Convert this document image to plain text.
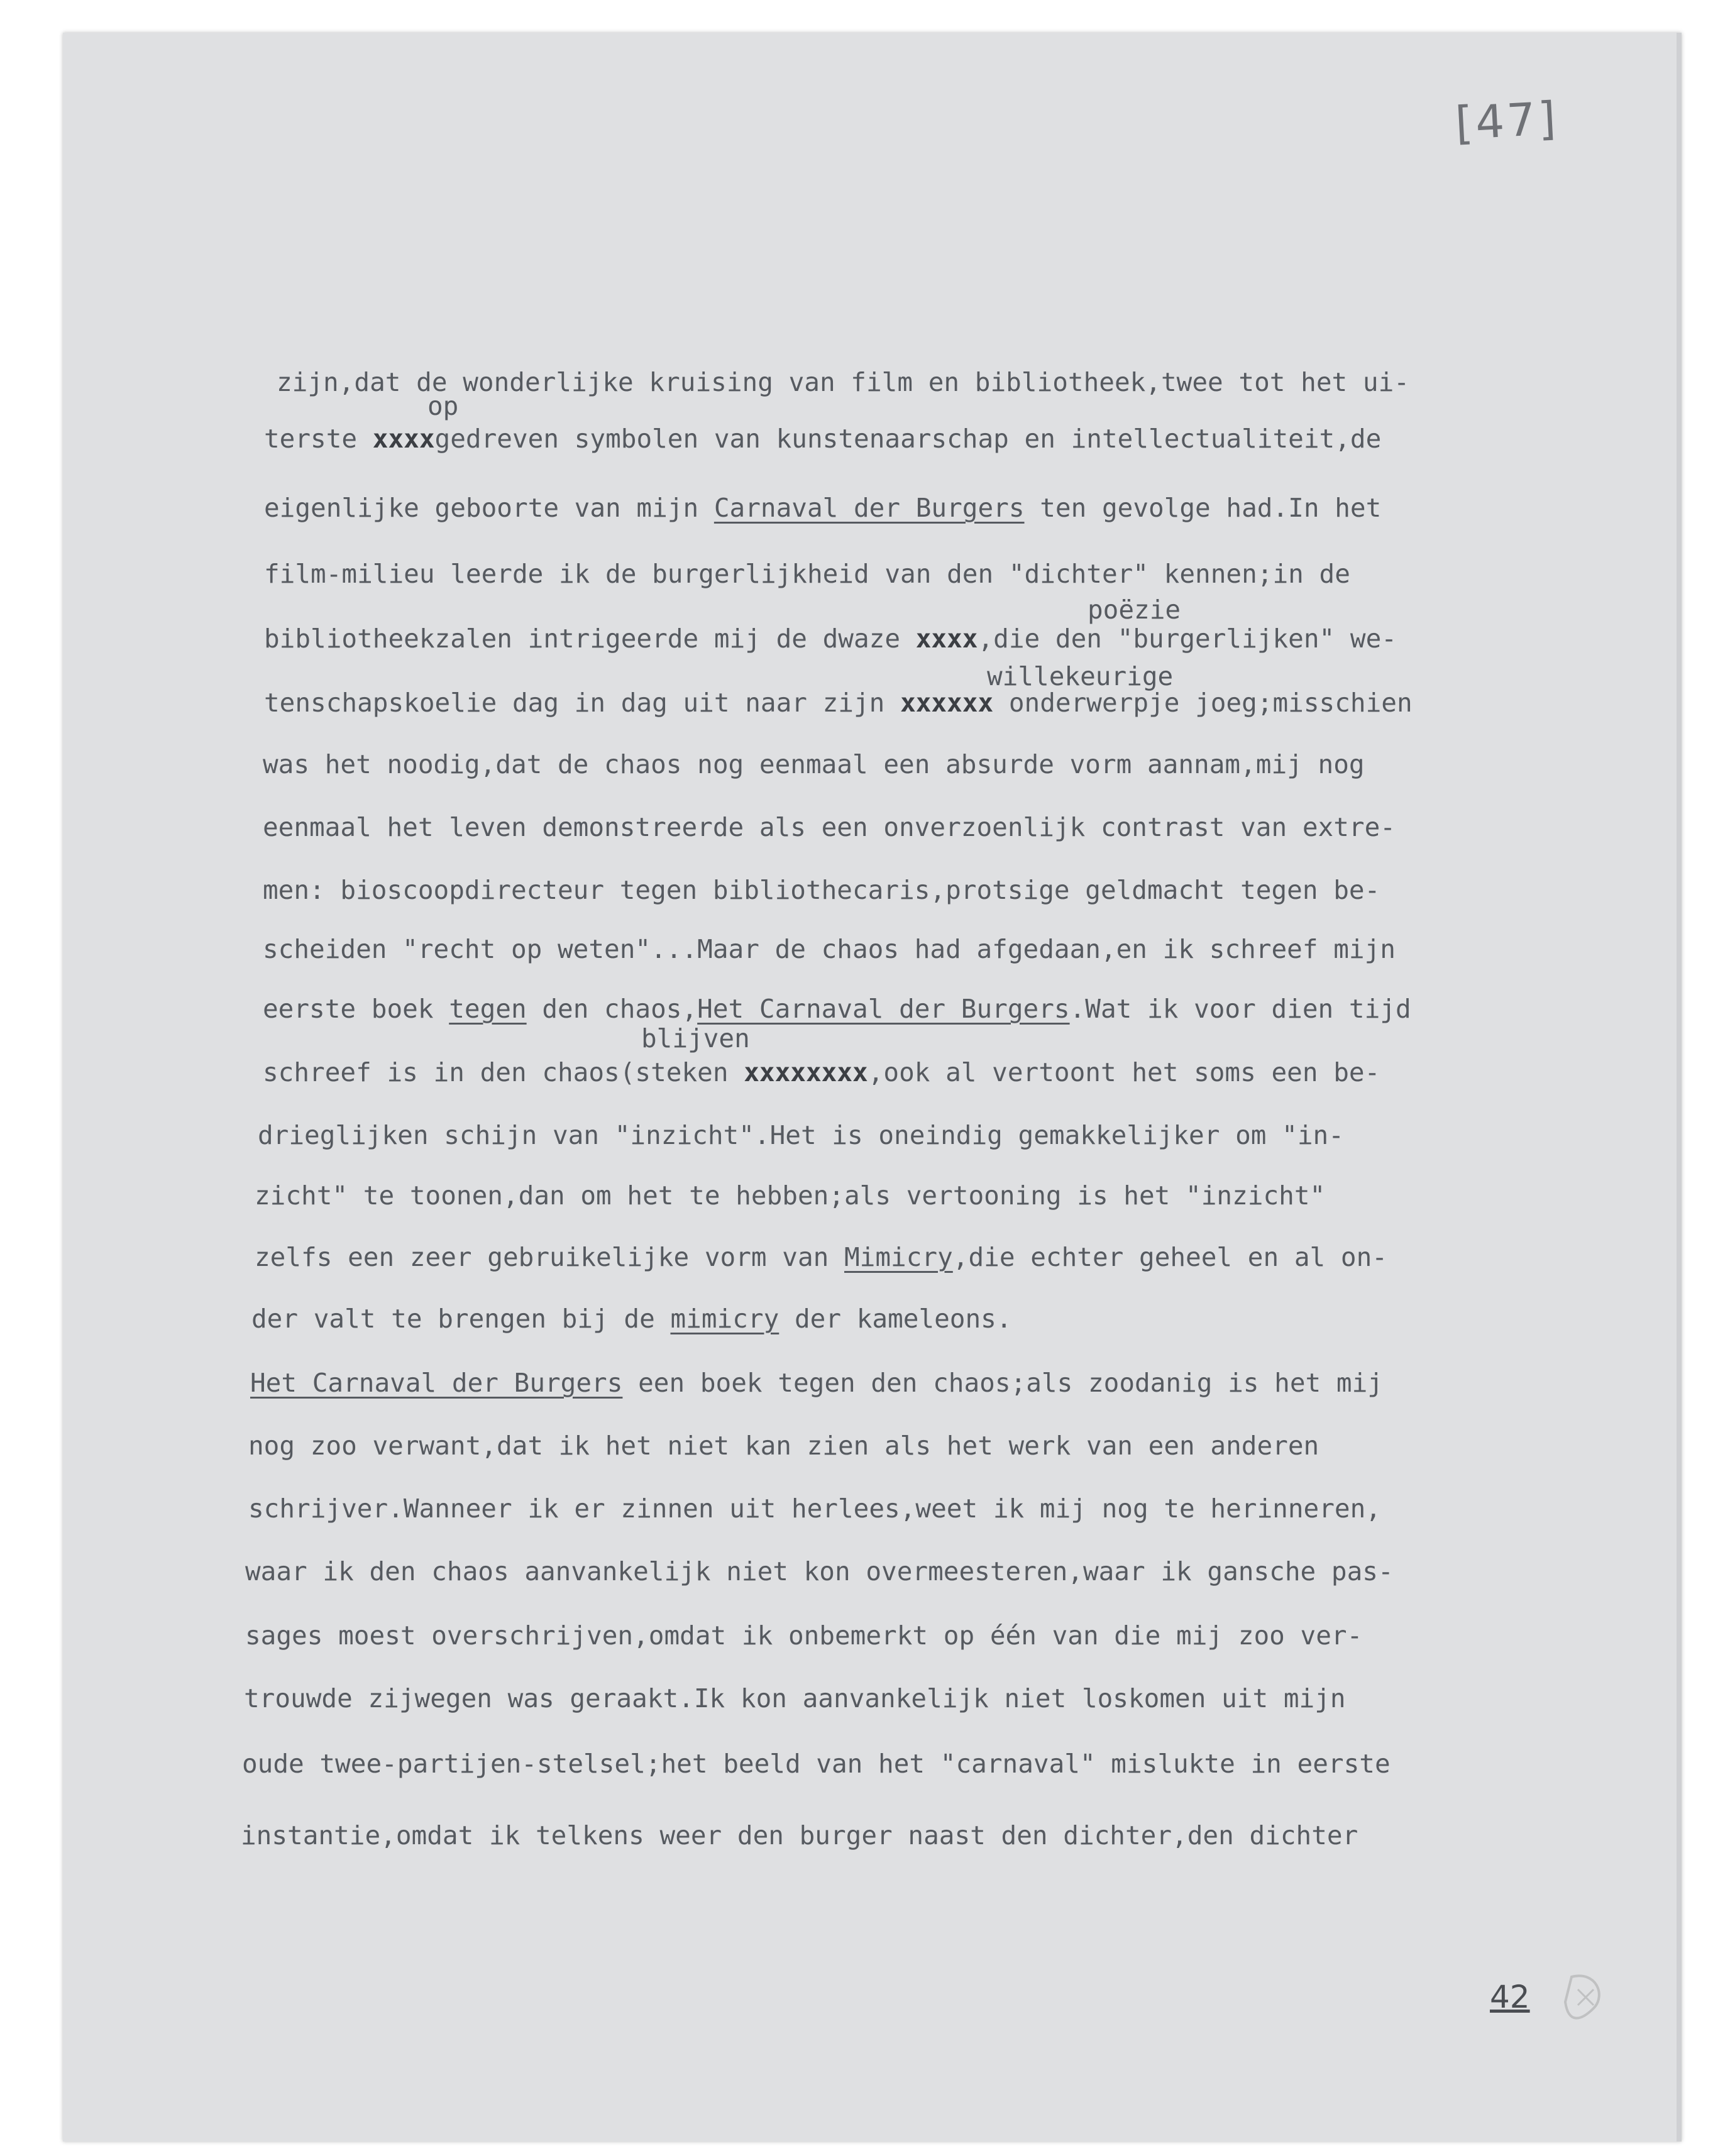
[47]

op

poëzie

willekeurige

blijven

zijn,dat de wonderlijke kruising van film en bibliotheek,twee tot het ui-

terste xxxxgedreven symbolen van kunstenaarschap en intellectualiteit,de

eigenlijke geboorte van mijn Carnaval der Burgers ten gevolge had.In het

film-milieu leerde ik de burgerlijkheid van den "dichter" kennen;in de

bibliotheekzalen intrigeerde mij de dwaze xxxx,die den "burgerlijken" we-

tenschapskoelie dag in dag uit naar zijn xxxxxx onderwerpje joeg;misschien

was het noodig,dat de chaos nog eenmaal een absurde vorm aannam,mij nog

eenmaal het leven demonstreerde als een onverzoenlijk contrast van extre-

men: bioscoopdirecteur tegen bibliothecaris,protsige geldmacht tegen be-

scheiden "recht op weten"...Maar de chaos had afgedaan,en ik schreef mijn

eerste boek tegen den chaos,Het Carnaval der Burgers.Wat ik voor dien tijd

schreef is in den chaos(steken xxxxxxxx,ook al vertoont het soms een be-

drieglijken schijn van "inzicht".Het is oneindig gemakkelijker om "in-

zicht" te toonen,dan om het te hebben;als vertooning is het "inzicht"

zelfs een zeer gebruikelijke vorm van Mimicry,die echter geheel en al on-

der valt te brengen bij de mimicry der kameleons.

Het Carnaval der Burgers een boek tegen den chaos;als zoodanig is het mij

nog zoo verwant,dat ik het niet kan zien als het werk van een anderen

schrijver.Wanneer ik er zinnen uit herlees,weet ik mij nog te herinneren,

waar ik den chaos aanvankelijk niet kon overmeesteren,waar ik gansche pas-

sages moest overschrijven,omdat ik onbemerkt op één van die mij zoo ver-

trouwde zijwegen was geraakt.Ik kon aanvankelijk niet loskomen uit mijn

oude twee-partijen-stelsel;het beeld van het "carnaval" mislukte in eerste

instantie,omdat ik telkens weer den burger naast den dichter,den dichter

42
